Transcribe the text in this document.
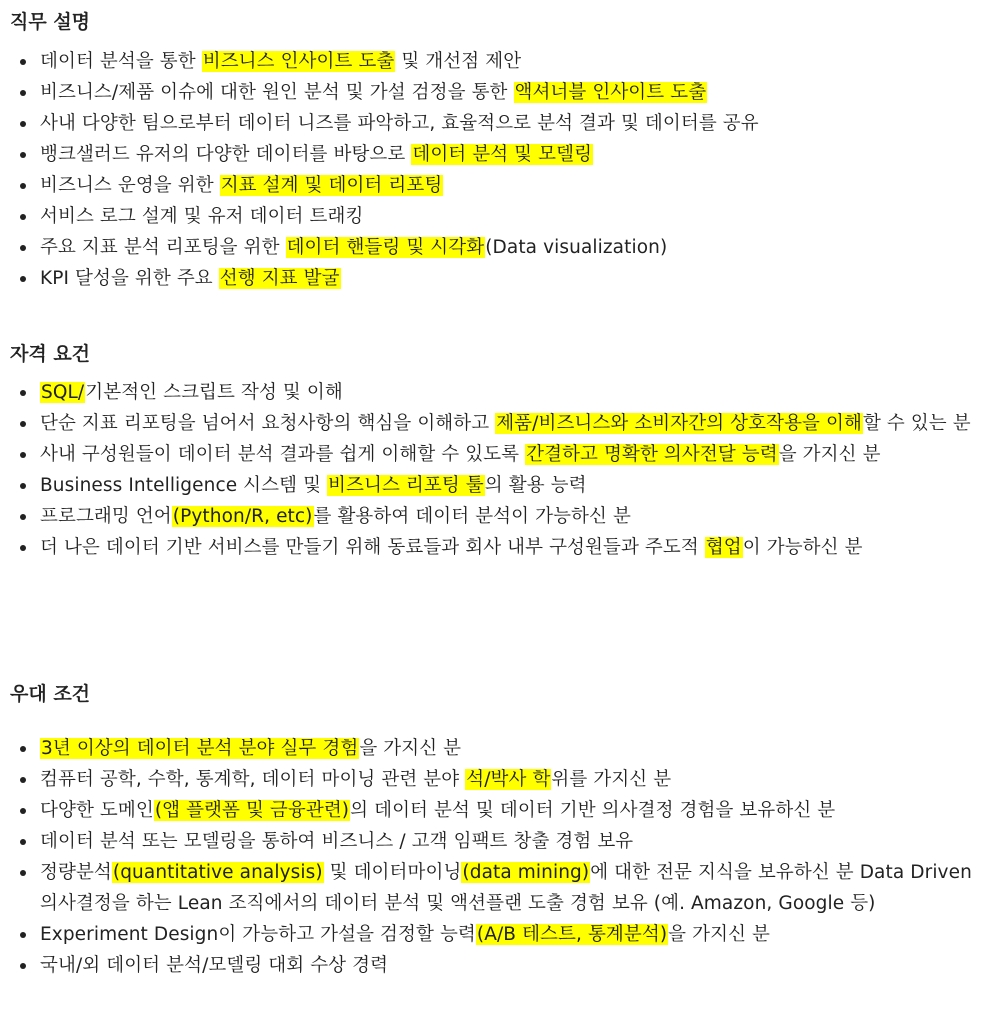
직무 설명
데이터 분석을 통한 비즈니스 인사이트 도출 및 개선점 제안
비즈니스/제품 이슈에 대한 원인 분석 및 가설 검정을 통한 액셔너블 인사이트 도출
사내 다양한 팀으로부터 데이터 니즈를 파악하고, 효율적으로 분석 결과 및 데이터를 공유
뱅크샐러드 유저의 다양한 데이터를 바탕으로 데이터 분석 및 모델링
비즈니스 운영을 위한 지표 설계 및 데이터 리포팅
서비스 로그 설계 및 유저 데이터 트래킹
주요 지표 분석 리포팅을 위한 데이터 핸들링 및 시각화(Data visualization)
KPI 달성을 위한 주요 선행 지표 발굴
자격 요건
SQL/기본적인 스크립트 작성 및 이해
단순 지표 리포팅을 넘어서 요청사항의 핵심을 이해하고 제품/비즈니스와 소비자간의 상호작용을 이해할 수 있는 분
사내 구성원들이 데이터 분석 결과를 쉽게 이해할 수 있도록 간결하고 명확한 의사전달 능력을 가지신 분
Business Intelligence 시스템 및 비즈니스 리포팅 툴의 활용 능력
프로그래밍 언어(Python/R, etc)를 활용하여 데이터 분석이 가능하신 분
더 나은 데이터 기반 서비스를 만들기 위해 동료들과 회사 내부 구성원들과 주도적 협업이 가능하신 분
우대 조건
3년 이상의 데이터 분석 분야 실무 경험을 가지신 분
컴퓨터 공학, 수학, 통계학, 데이터 마이닝 관련 분야 석/박사 학위를 가지신 분
다양한 도메인(앱 플랫폼 및 금융관련)의 데이터 분석 및 데이터 기반 의사결정 경험을 보유하신 분
데이터 분석 또는 모델링을 통하여 비즈니스 / 고객 임팩트 창출 경험 보유
정량분석(quantitative analysis) 및 데이터마이닝(data mining)에 대한 전문 지식을 보유하신 분 Data Driven 의사결정을 하는 Lean 조직에서의 데이터 분석 및 액션플랜 도출 경험 보유 (예. Amazon, Google 등)
Experiment Design이 가능하고 가설을 검정할 능력(A/B 테스트, 통계분석)을 가지신 분
국내/외 데이터 분석/모델링 대회 수상 경력
